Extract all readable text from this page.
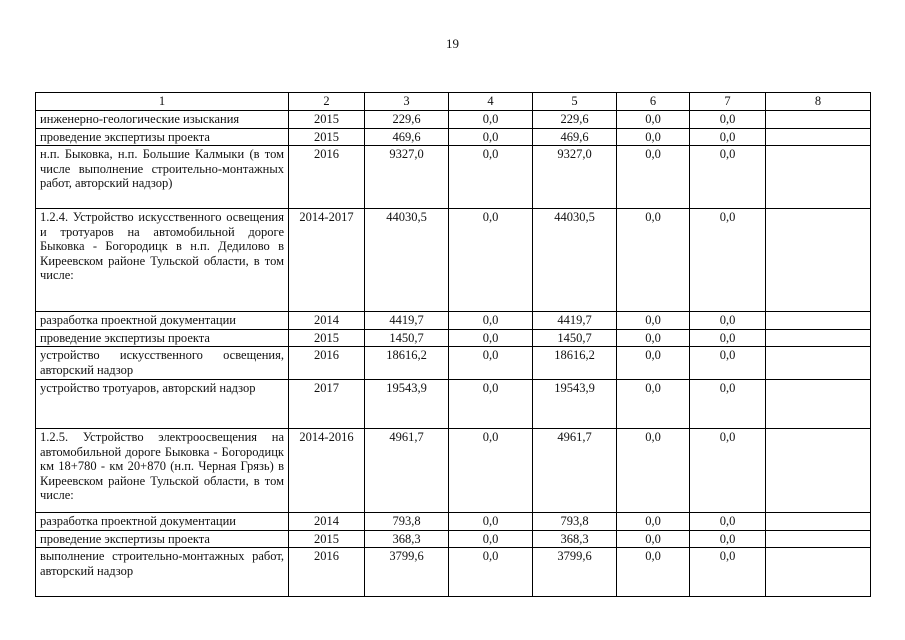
19
1	2	3	4	5	6	7	8
инженерно-геологические изыскания	2015	229,6	0,0	229,6	0,0	0,0	
проведение экспертизы проекта	2015	469,6	0,0	469,6	0,0	0,0	
н.п. Быковка, н.п. Большие Калмыки (в том числе выполнение строительно-монтажных работ, авторский надзор)	2016	9327,0	0,0	9327,0	0,0	0,0	
1.2.4. Устройство искусственного освещения и тротуаров на автомобильной дороге Быковка - Богородицк в н.п. Дедилово в Киреевском районе Тульской области, в том числе:	2014-2017	44030,5	0,0	44030,5	0,0	0,0	
разработка проектной документации	2014	4419,7	0,0	4419,7	0,0	0,0	
проведение экспертизы проекта	2015	1450,7	0,0	1450,7	0,0	0,0	
устройство искусственного освещения, авторский надзор	2016	18616,2	0,0	18616,2	0,0	0,0	
устройство тротуаров, авторский надзор	2017	19543,9	0,0	19543,9	0,0	0,0	
1.2.5. Устройство электроосвещения на автомобильной дороге Быковка - Богородицк км 18+780 - км 20+870 (н.п. Черная Грязь) в Киреевском районе Тульской области, в том числе:	2014-2016	4961,7	0,0	4961,7	0,0	0,0	
разработка проектной документации	2014	793,8	0,0	793,8	0,0	0,0	
проведение экспертизы проекта	2015	368,3	0,0	368,3	0,0	0,0	
выполнение строительно-монтажных работ, авторский надзор	2016	3799,6	0,0	3799,6	0,0	0,0	
